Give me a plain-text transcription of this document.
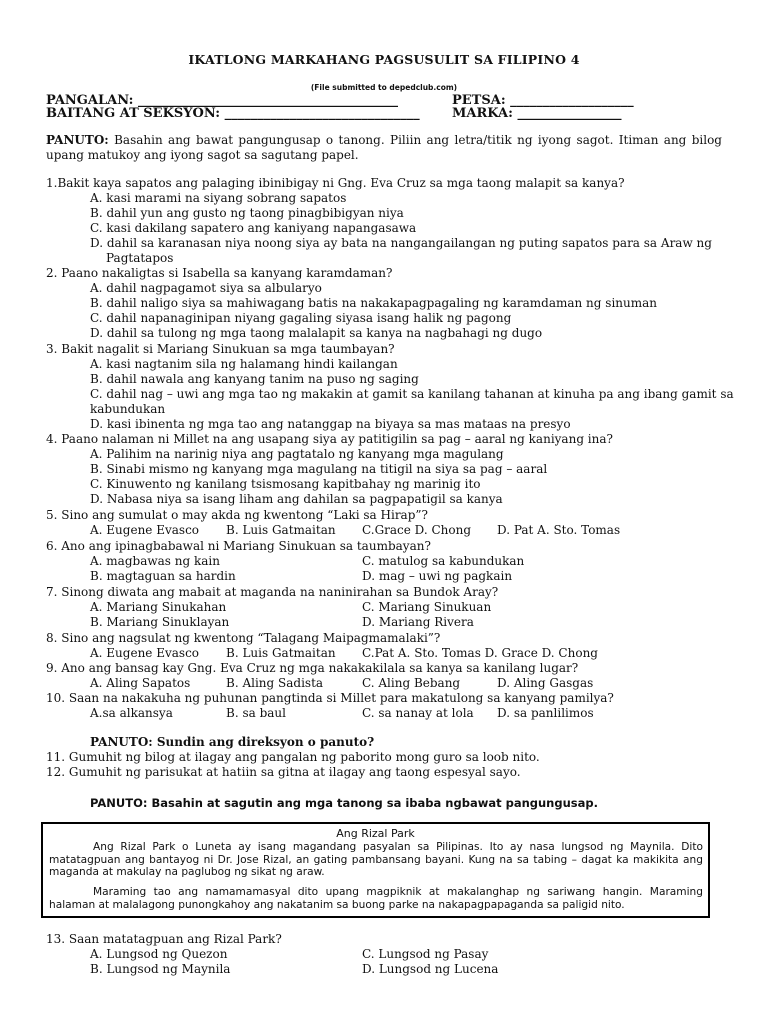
IKATLONG MARKAHANG PAGSUSULIT SA FILIPINO 4
(File submitted to depedclub.com)
PANGALAN: ________________________________________	PETSA: ___________________
BAITANG AT SEKSYON: ______________________________ MARKA: ________________
PANUTO: Basahin ang bawat pangungusap o tanong. Piliin ang letra/titik ng iyong sagot. Itiman ang bilog upang matukoy ang iyong sagot sa sagutang papel.
1.Bakit kaya sapatos ang palaging ibinibigay ni Gng. Eva Cruz sa mga taong malapit sa kanya?
A. kasi marami na siyang sobrang sapatos
B. dahil yun ang gusto ng taong pinagbibigyan niya
C. kasi dakilang sapatero ang kaniyang napangasawa
D. dahil sa karanasan niya noong siya ay bata na nangangailangan ng puting sapatos para sa Araw ng
Pagtatapos
2. Paano nakaligtas si Isabella sa kanyang karamdaman?
A. dahil nagpagamot siya sa albularyo
B. dahil naligo siya sa mahiwagang batis na nakakapagpagaling ng karamdaman ng sinuman
C. dahil napanaginipan niyang gagaling siyasa isang halik ng pagong
D. dahil sa tulong ng mga taong malalapit sa kanya na nagbahagi ng dugo
3. Bakit nagalit si Mariang Sinukuan sa mga taumbayan?
A. kasi nagtanim sila ng halamang hindi kailangan
B. dahil nawala ang kanyang tanim na puso ng saging
C. dahil nag – uwi ang mga tao ng makakin at gamit sa kanilang tahanan at kinuha pa ang ibang gamit sa
kabundukan
D. kasi ibinenta ng mga tao ang natanggap na biyaya sa mas mataas na presyo
4. Paano nalaman ni Millet na ang usapang siya ay patitigilin sa pag – aaral ng kaniyang ina?
A. Palihim na narinig niya ang pagtatalo ng kanyang mga magulang
B. Sinabi mismo ng kanyang mga magulang na titigil na siya sa pag – aaral
C. Kinuwento ng kanilang tsismosang kapitbahay ng marinig ito
D. Nabasa niya sa isang liham ang dahilan sa pagpapatigil sa kanya
5. Sino ang sumulat o may akda ng kwentong “Laki sa Hirap”?
A. Eugene Evasco B. Luis Gatmaitan C.Grace D. Chong D. Pat A. Sto. Tomas
6. Ano ang ipinagbabawal ni Mariang Sinukuan sa taumbayan?
A. magbawas ng kain	C. matulog sa kabundukan
B. magtaguan sa hardin	D. mag – uwi ng pagkain
7. Sinong diwata ang mabait at maganda na naninirahan sa Bundok Aray?
A. Mariang Sinukahan	C. Mariang Sinukuan
B. Mariang Sinuklayan	D. Mariang Rivera
8. Sino ang nagsulat ng kwentong “Talagang Maipagmamalaki”?
A. Eugene Evasco B. Luis Gatmaitan C.Pat A. Sto. Tomas D. Grace D. Chong
9. Ano ang bansag kay Gng. Eva Cruz ng mga nakakakilala sa kanya sa kanilang lugar?
A. Aling Sapatos	B. Aling Sadista	C. Aling Bebang	D. Aling Gasgas
10. Saan na nakakuha ng puhunan pangtinda si Millet para makatulong sa kanyang pamilya?
A.sa alkansya	B. sa baul	C. sa nanay at lola D. sa panlilimos
PANUTO: Sundin ang direksyon o panuto?
11. Gumuhit ng bilog at ilagay ang pangalan ng paborito mong guro sa loob nito.
12. Gumuhit ng parisukat at hatiin sa gitna at ilagay ang taong espesyal sayo.
PANUTO: Basahin at sagutin ang mga tanong sa ibaba ngbawat pangungusap.
Ang Rizal Park
Ang Rizal Park o Luneta ay isang magandang pasyalan sa Pilipinas. Ito ay nasa lungsod ng Maynila. Dito matatagpuan ang bantayog ni Dr. Jose Rizal, an gating pambansang bayani. Kung na sa tabing – dagat ka makikita ang maganda at makulay na paglubog ng sikat ng araw.
Maraming tao ang namamamasyal dito upang magpiknik at makalanghap ng sariwang hangin. Maraming halaman at malalagong punongkahoy ang nakatanim sa buong parke na nakapagpapaganda sa paligid nito.
13. Saan matatagpuan ang Rizal Park?
A. Lungsod ng Quezon	C. Lungsod ng Pasay
B. Lungsod ng Maynila	D. Lungsod ng Lucena
